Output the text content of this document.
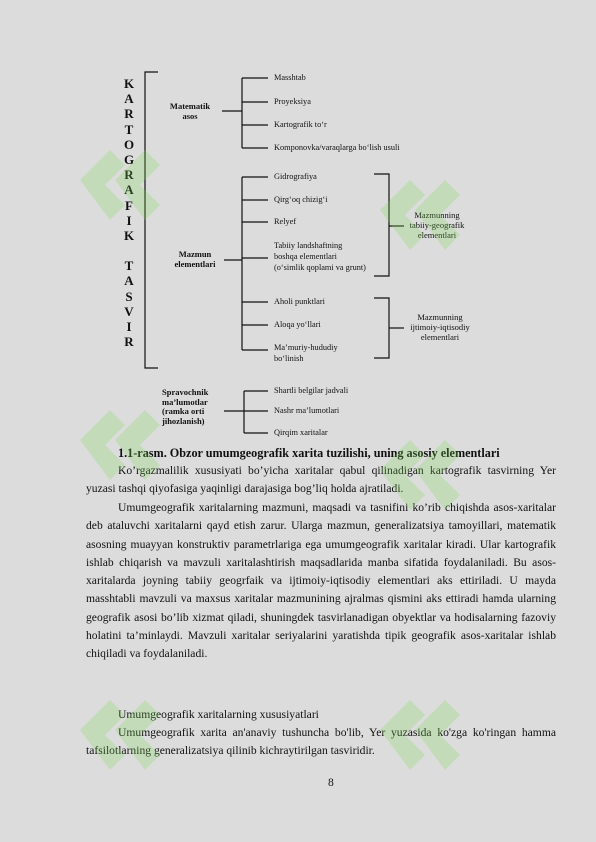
K
A
R
T
O
G
R
A
F
I
K
T
A
S
V
I
R
Matematik
asos
Mazmun
elementlari
Spravochnik
ma’lumotlar
(ramka orti
jihozlanish)
Masshtab
Proyeksiya
Kartografik to‘r
Komponovka/varaqlarga bo‘lish usuli
Gidrografiya
Qirg‘oq chizig‘i
Relyef
Tabiiy landshaftning
boshqa elementlari
(o‘simlik qoplami va grunt)
Aholi punktlari
Aloqa yo‘llari
Ma’muriy-hududiy
bo‘linish
Shartli belgilar jadvali
Nashr ma’lumotlari
Qirqim xaritalar
Mazmunning
tabiiy-geografik
elementlari
Mazmunning
ijtimoiy-iqtisodiy
elementlari
1.1-rasm. Obzor umumgeografik xarita tuzilishi, uning asosiy elementlari

Ko’rgazmalilik xususiyati bo’yicha xaritalar qabul qilinadigan kartografik tasvirning Yer yuzasi tashqi qiyofasiga yaqinligi darajasiga bog’liq holda ajratiladi.

Umumgeografik xaritalarning mazmuni, maqsadi va tasnifini ko’rib chiqishda asos-xaritalar deb ataluvchi xaritalarni qayd etish zarur. Ularga mazmun, generalizatsiya tamoyillari, matematik asosning muayyan konstruktiv parametrlariga ega umumgeografik xaritalar kiradi. Ular kartografik ishlab chiqarish va mavzuli xaritalashtirish maqsadlarida manba sifatida foydalaniladi. Bu asos-xaritalarda joyning tabiiy geogrfaik va ijtimoiy-iqtisodiy elementlari aks ettiriladi. U mayda masshtabli mavzuli va maxsus xaritalar mazmunining ajralmas qismini aks ettiradi hamda ularning geografik asosi bo’lib xizmat qiladi, shuningdek tasvirlanadigan obyektlar va hodisalarning fazoviy holatini ta’minlaydi. Mavzuli xaritalar seriyalarini yaratishda tipik geografik asos-xaritalar ishlab chiqiladi va foydalaniladi.

Umumgeografik xaritalarning xususiyatlari

Umumgeografik xarita an'anaviy tushuncha bo'lib, Yer yuzasida ko'zga ko'ringan hamma tafsilotlarning generalizatsiya qilinib kichraytirilgan tasviridir.

8
